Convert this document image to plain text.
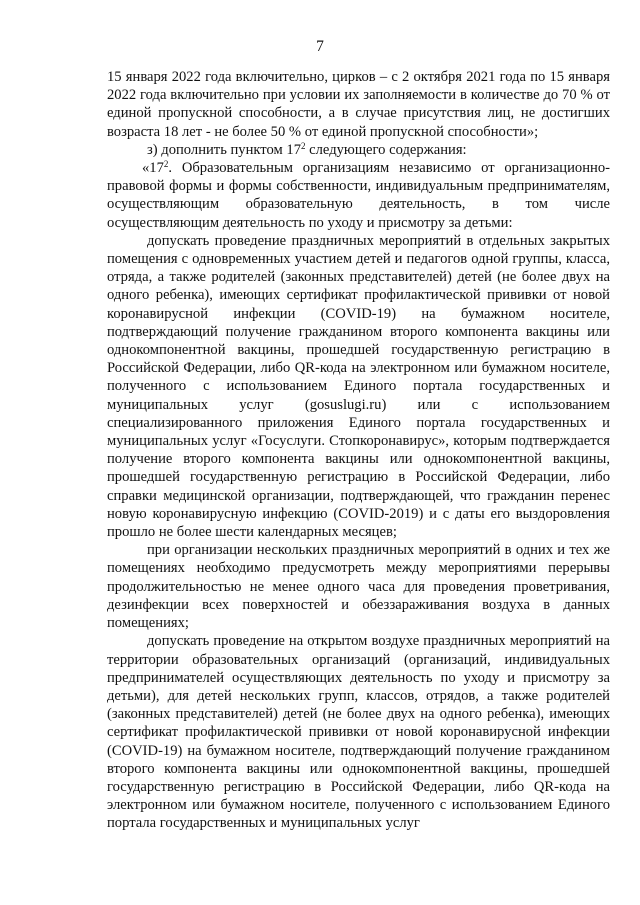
7

15 января 2022 года включительно, цирков – с 2 октября 2021 года по 15 января 2022 года включительно при условии их заполняемости в количестве до 70 % от единой пропускной способности, а в случае присутствия лиц, не достигших возраста 18 лет - не более 50 % от единой пропускной способности»;

з) дополнить пунктом $17^2$ следующего содержания:

«$17^2$. Образовательным организациям независимо от организационно-правовой формы и формы собственности, индивидуальным предпринимателям, осуществляющим образовательную деятельность, в том числе осуществляющим деятельность по уходу и присмотру за детьми:

допускать проведение праздничных мероприятий в отдельных закрытых помещения с одновременных участием детей и педагогов одной группы, класса, отряда, а также родителей (законных представителей) детей (не более двух на одного ребенка), имеющих сертификат профилактической прививки от новой коронавирусной инфекции (COVID-19) на бумажном носителе, подтверждающий получение гражданином второго компонента вакцины или однокомпонентной вакцины, прошедшей государственную регистрацию в Российской Федерации, либо QR-кода на электронном или бумажном носителе, полученного с использованием Единого портала государственных и муниципальных услуг (gosuslugi.ru) или с использованием специализированного приложения Единого портала государственных и муниципальных услуг «Госуслуги. Стопкоронавирус», которым подтверждается получение второго компонента вакцины или однокомпонентной вакцины, прошедшей государственную регистрацию в Российской Федерации, либо справки медицинской организации, подтверждающей, что гражданин перенес новую коронавирусную инфекцию (COVID-2019) и с даты его выздоровления прошло не более шести календарных месяцев;

при организации нескольких праздничных мероприятий в одних и тех же помещениях необходимо предусмотреть между мероприятиями перерывы продолжительностью не менее одного часа для проведения проветривания, дезинфекции всех поверхностей и обеззараживания воздуха в данных помещениях;

допускать проведение на открытом воздухе праздничных мероприятий на территории образовательных организаций (организаций, индивидуальных предпринимателей осуществляющих деятельность по уходу и присмотру за детьми), для детей нескольких групп, классов, отрядов, а также родителей (законных представителей) детей (не более двух на одного ребенка), имеющих сертификат профилактической прививки от новой коронавирусной инфекции (COVID-19) на бумажном носителе, подтверждающий получение гражданином второго компонента вакцины или однокомпонентной вакцины, прошедшей государственную регистрацию в Российской Федерации, либо QR-кода на электронном или бумажном носителе, полученного с использованием Единого портала государственных и муниципальных услуг
